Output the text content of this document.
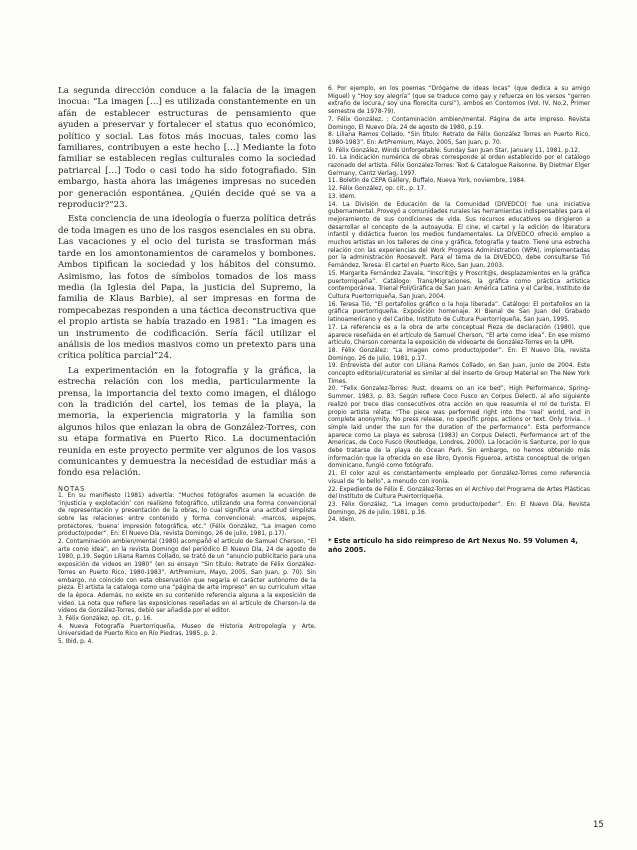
La segunda dirección conduce a la falacia de la imagen inocua: “La imagen […] es utilizada constantemente en un afán de establecer estructuras de pensamiento que ayuden a preservar y fortalecer el status quo económico, político y social. Las fotos más inocuas, tales como las familiares, contribuyen a este hecho […] Mediante la foto familiar se establecen reglas culturales como la sociedad patriarcal […] Todo o casi todo ha sido fotografiado. Sin embargo, hasta ahora las imágenes impresas no suceden por generación espontánea. ¿Quién decide qué se va a reproducir?”23.

Esta conciencia de una ideología o fuerza política detrás de toda imagen es uno de los rasgos esenciales en su obra. Las vacaciones y el ocio del turista se trasforman más tarde en los amontonamientos de caramelos y bombones. Ambos tipifican la sociedad y los hábitos del consumo. Asimismo, las fotos de símbolos tomados de los mass media (la Iglesia del Papa, la justicia del Supremo, la familia de Klaus Barbie), al ser impresas en forma de rompecabezas responden a una táctica deconstructiva que el propio artista se había trazado en 1981: “La imagen es un instrumento de codificación. Sería fácil utilizar el análisis de los medios masivos como un pretexto para una crítica política parcial”24.

La experimentación en la fotografía y la gráfica, la estrecha relación con los media, particularmente la prensa, la importancia del texto como imagen, el diálogo con la tradición del cartel, los temas de la playa, la memoria, la experiencia migratoria y la familia son algunos hilos que enlazan la obra de González-Torres, con su etapa formativa en Puerto Rico. La documentación reunida en este proyecto permite ver algunos de los vasos comunicantes y demuestra la necesidad de estudiar más a fondo esa relación.

NOTAS

1. En su manifiesto (1981) advertía: “Muchos fotógrafos asumen la ecuación de ‘injusticia y explotación’ con realismo fotográfico, utilizando una forma convencional de representación y presentación de la obras, lo cual significa una actitud simplista sobre las relaciones entre contenido y forma convencional: -marcos, espejos, protectores, ‘buena’ impresión fotográfica, etc.” (Félix González, “La imagen como producto/poder”. En: El Nuevo Día, revista Domingo, 26 de julio, 1981, p.17).

2. Contaminación ambien/mental (1980) acompañó el artículo de Samuel Cherson, “El arte como idea”, en la revista Domingo del periódico El Nuevo Día, 24 de agosto de 1980, p.19. Según Liliana Ramos Collado, se trató de un “anuncio publicitario para una exposición de videos en 1980” (en su ensayo “Sin título: Retrato de Félix González-Torres en Puerto Rico, 1980-1983”. ArtPremium, Mayo, 2005, San Juan, p. 70). Sin embargo, no coincido con esta observación que negaría el carácter autónomo de la pieza. El artista la cataloga como una “página de arte impreso” en su currículum vitae de la época. Además, no existe en su contenido referencia alguna a la exposición de video. La nota que refiere las exposiciones reseñadas en el artículo de Cherson–la de videos de González-Torres, debió ser añadida por el editor.

3. Félix González, op. cit., p. 16.

4. Nueva Fotografía Puertorriqueña, Museo de Historia Antropología y Arte, Universidad de Puerto Rico en Río Piedras, 1985, p. 2.

5. Ibid, p. 4.

6. Por ejemplo, en los poemas “Drógame de ideas locas” (que dedica a su amigo Miguel) y “Hoy soy alegría” (que se traduce como gay y refuerza en los versos “gerren extraño de locura,/ soy una florecita cursi”), ambos en Contornos (Vol. IV, No.2, Primer semestre de 1978-79).

7. Félix González, : Contaminación ambien/mental. Página de arte impreso. Revista Domingo, El Nuevo Día, 24 de agosto de 1980, p.19.

8. Liliana Ramos Collado, “Sin título: Retrato de Félix González Torres en Puerto Rico, 1980-1983”. En: ArtPremium, Mayo, 2005, San Juan, p. 70.

9. Félix González, Winds Unforgetable. Sunday San Juan Star, January 11, 1981, p.12.

10. La indicación numérica de obras corresponde al orden establecido por el catálogo razonado del artista. Félix Gonzalez-Torres: Text & Catalogue Raisonne. By Dietmar Elger Germany, Cantz Verlag, 1997.

11. Boletín de CEPA Gallery, Buffalo, Nueva York, noviembre, 1984.

12. Félix González, op. cit., p. 17.

13. Idem.

14. La División de Educación de la Comunidad (DIVEDCO) fue una iniciativa gubernamental. Proveyó a comunidades rurales las herramientas indispensables para el mejoramiento de sus condiciones de vida. Sus recursos educativos se dirigieron a desarrollar el concepto de la autoayuda. El cine, el cartel y la edición de literatura infantil y didáctica fueron los medios fundamentales. La DIVEDCO ofreció empleo a muchos artistas en los talleres de cine y gráfica, fotografía y teatro. Tiene una estrecha relación con las experiencias del Work Progress Administration (WPA), implementadas por la administración Roosevelt. Para el tema de la DIVEDCO, debe consultarse Tió Fernández, Teresa: El cartel en Puerto Rico, San Juan, 2003.

15. Margarita Fernández Zavala, “Inscrit@s y Proscrit@s, desplazamientos en la gráfica puertorriqueña”. Catálogo: Trans/Migraciones, la gráfica como práctica artística contemporánea. Trienal Poli/Gráfica de San Juan: América Latina y el Caribe, Instituto de Cultura Puertorriqueña, San Juan, 2004.

16. Teresa Tió, “El portafolios gráfico o la hoja liberada”. Catálogo: El portafolios en la gráfica puertorriqueña. Exposición homenaje. XI Bienal de San Juan del Grabado latinoamericano y del Caribe, Instituto de Cultura Puertorriqueña, San Juan, 1995.

17. La referencia es a la obra de arte conceptual Pieza de declaración (1980), que aparece reseñada en el artículo de Samuel Cherson, “El arte como idea”. En ese mismo artículo, Cherson comenta la exposición de videoarte de González-Torres en la UPR.

18. Félix González: “La imagen como producto/poder”. En: El Nuevo Día, revista Domingo, 26 de julio, 1981, p.17.

19. Entrevista del autor con Liliana Ramos Collado, en San Juan, junio de 2004. Este concepto editorial/curatorial es similar al del inserto de Group Material en The New York Times.

20. “Felix Gonzalez-Torres: Rust, dreams on an ice bed”, High Performance, Spring-Summer, 1983, p. 83. Según refiere Coco Fusco en Corpus Delecti, al año siguiente realizó por trece días consecutivos otra acción en que reasumía el rol de turista. El propio artista relata: “The piece was performed right into the ‘real’ world, and in complete anonymity. No press release, no specific props, actions or text. Only trivia… I simple laid under the sun for the duration of the performance”. Esta performance aparece como La playa es sabrosa (1983) en Corpus Delecti, Performance art of the Americas, de Coco Fusco (Routledge, Londres, 2000). La locación is Santurce, por lo que debe tratarse de la playa de Ocean Park. Sin embargo, no hemos obtenido más información que la ofrecida en ese libro, Dyonis Figueroa, artista conceptual de origen dominicano, fungió como fotógrafo.

21. El color azul es constantemente empleado por González-Torres como referencia visual de “lo bello”, a menudo con ironía.

22. Expediente de Félix E. González-Torres en el Archivo del Programa de Artes Plásticas del Instituto de Cultura Puertorriqueña.

23. Félix González, “La imagen como producto/poder”. En: El Nuevo Día, Revista Domingo, 26 de julio, 1981, p.16.

24. Idem.

* Este artículo ha sido reimpreso de Art Nexus No. 59 Volumen 4, año 2005.
15
